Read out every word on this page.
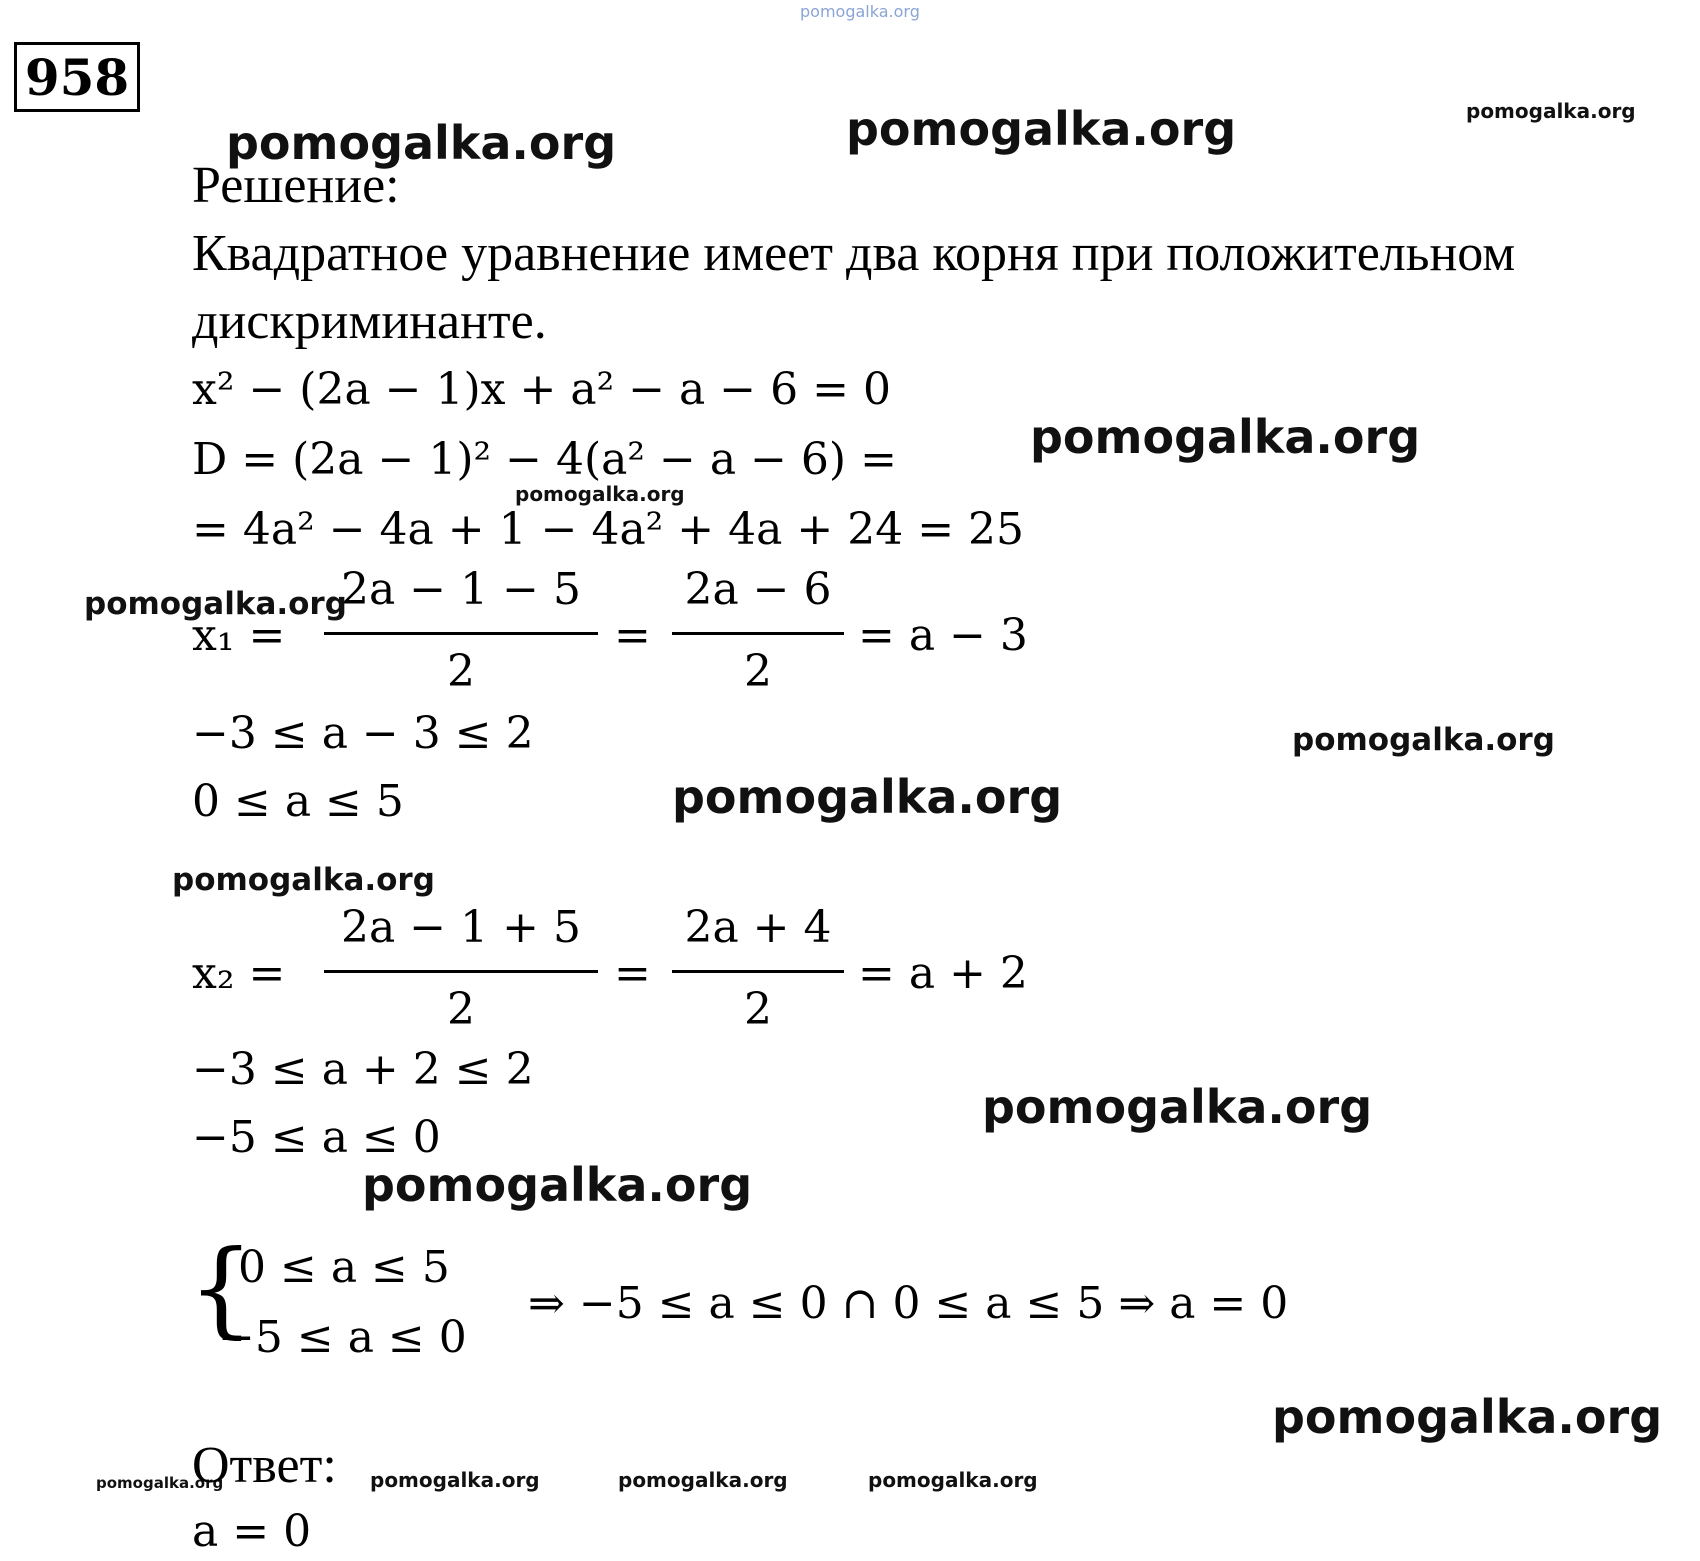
958
pomogalka.org
pomogalka.org	pomogalka.org	pomogalka.org
pomogalka.org
pomogalka.org
pomogalka.org
pomogalka.org
pomogalka.org
pomogalka.org
pomogalka.org
pomogalka.org
pomogalka.org
pomogalka.org	pomogalka.org	pomogalka.org	pomogalka.org
Решение:
Квадратное уравнение имеет два корня при положительном
дискриминанте.
x² − (2a − 1)x + a² − a − 6 = 0
D = (2a − 1)² − 4(a² − a − 6) =
= 4a² − 4a + 1 − 4a² + 4a + 24 = 25
x₁ =
2a − 1 − 5
2
=
2a − 6
2
= a − 3
−3 ≤ a − 3 ≤ 2
0 ≤ a ≤ 5
x₂ =
2a − 1 + 5
2
=
2a + 4
2
= a + 2
−3 ≤ a + 2 ≤ 2
−5 ≤ a ≤ 0
{
0 ≤ a ≤ 5
−5 ≤ a ≤ 0
⇒ −5 ≤ a ≤ 0 ∩ 0 ≤ a ≤ 5 ⇒ a = 0
Ответ:
a = 0
